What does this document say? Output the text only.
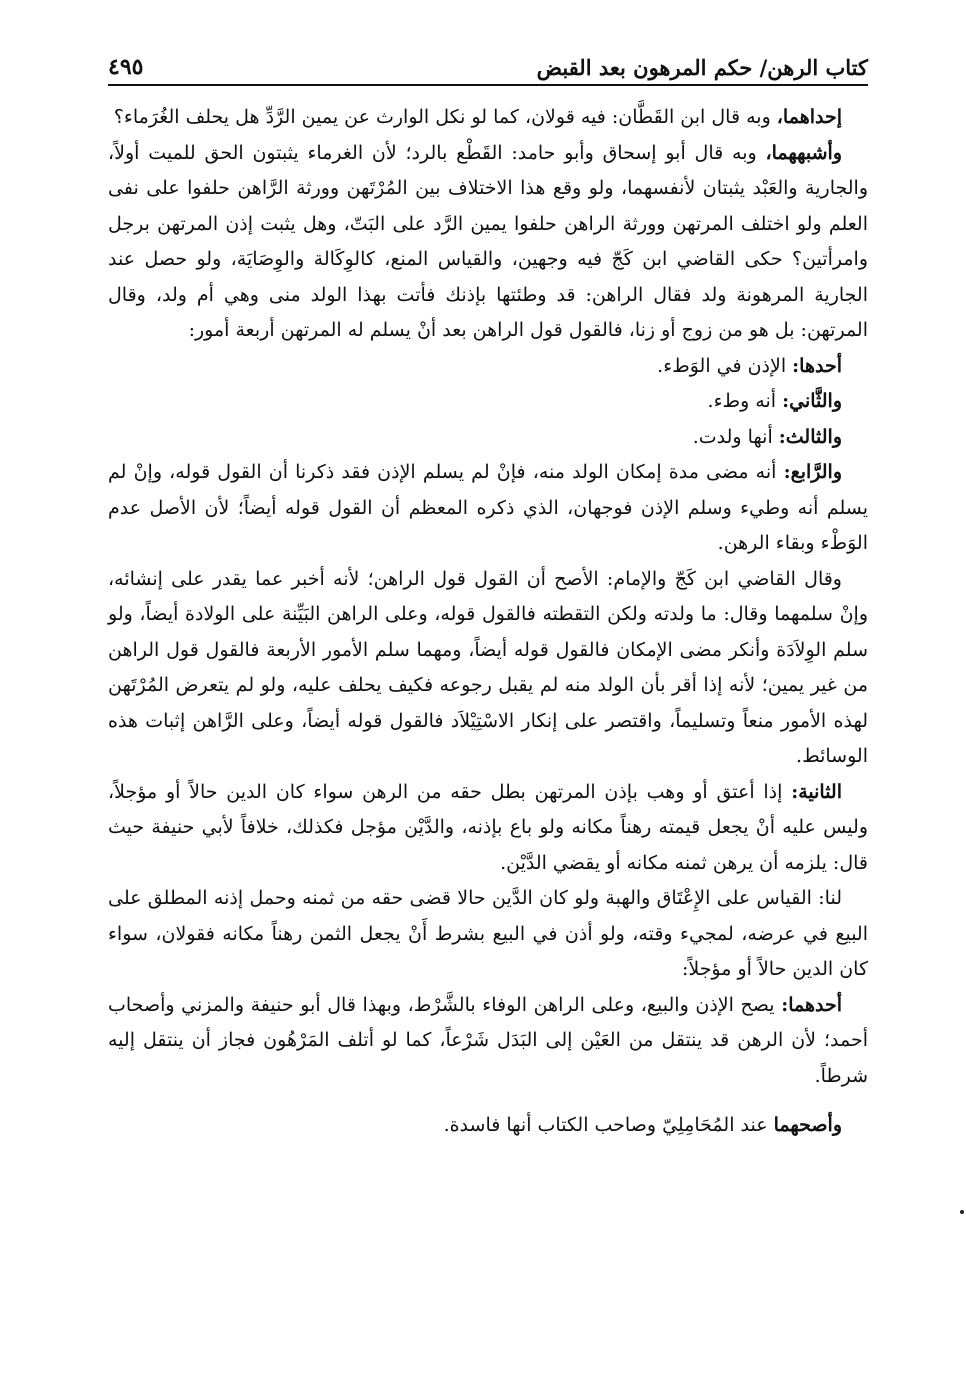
كتاب الرهن/ حكم المرهون بعد القبض
٤٩٥

إحداهما، وبه قال ابن القَطَّان: فيه قولان، كما لو نكل الوارث عن يمين الرَّدِّ هل يحلف الغُرَماء؟

وأشبههما، وبه قال أبو إسحاق وأبو حامد: القَطْع بالرد؛ لأن الغرماء يثبتون الحق للميت أولاً، والجارية والعَبْد يثبتان لأنفسهما، ولو وقع هذا الاختلاف بين المُرْتَهن وورثة الرَّاهن حلفوا على نفى العلم ولو اختلف المرتهن وورثة الراهن حلفوا يمين الرَّد على البَتّ، وهل يثبت إذن المرتهن برجل وامرأتين؟ حكى القاضي ابن كَجّ فيه وجهين، والقياس المنع، كالوِكَالة والوِصَايَة، ولو حصل عند الجارية المرهونة ولد فقال الراهن: قد وطئتها بإذنك فأتت بهذا الولد منى وهي أم ولد، وقال المرتهن: بل هو من زوج أو زنا، فالقول قول الراهن بعد أنْ يسلم له المرتهن أربعة أمور:

أحدها: الإذن في الوَطء.

والثَّاني: أنه وطء.

والثالث: أنها ولدت.

والرَّابع: أنه مضى مدة إمكان الولد منه، فإنْ لم يسلم الإذن فقد ذكرنا أن القول قوله، وإنْ لم يسلم أنه وطيء وسلم الإذن فوجهان، الذي ذكره المعظم أن القول قوله أيضاً؛ لأن الأصل عدم الوَطْء وبقاء الرهن.

وقال القاضي ابن كَجّ والإمام: الأصح أن القول قول الراهن؛ لأنه أخبر عما يقدر على إنشائه، وإنْ سلمهما وقال: ما ولدته ولكن التقطته فالقول قوله، وعلى الراهن البَيِّنة على الولادة أيضاً، ولو سلم الوِلاَدَة وأنكر مضى الإمكان فالقول قوله أيضاً، ومهما سلم الأمور الأربعة فالقول قول الراهن من غير يمين؛ لأنه إذا أقر بأن الولد منه لم يقبل رجوعه فكيف يحلف عليه، ولو لم يتعرض المُرْتَهن لهذه الأمور منعاً وتسليماً، واقتصر على إنكار الاسْتِيْلاَد فالقول قوله أيضاً، وعلى الرَّاهن إثبات هذه الوسائط.

الثانية: إذا أعتق أو وهب بإذن المرتهن بطل حقه من الرهن سواء كان الدين حالاً أو مؤجلاً، وليس عليه أنْ يجعل قيمته رهناً مكانه ولو باع بإذنه، والدَّيْن مؤجل فكذلك، خلافاً لأبي حنيفة حيث قال: يلزمه أن يرهن ثمنه مكانه أو يقضي الدَّيْن.

لنا: القياس على الإِعْتَاق والهبة ولو كان الدَّين حالا قضى حقه من ثمنه وحمل إذنه المطلق على البيع في عرضه، لمجيء وقته، ولو أذن في البيع بشرط أَنْ يجعل الثمن رهناً مكانه فقولان، سواء كان الدين حالاً أو مؤجلاً:

أحدهما: يصح الإذن والبيع، وعلى الراهن الوفاء بالشَّرْط، وبهذا قال أبو حنيفة والمزني وأصحاب أحمد؛ لأن الرهن قد ينتقل من العَيْن إلى البَدَل شَرْعاً، كما لو أتلف المَرْهُون فجاز أن ينتقل إليه شرطاً.

وأصحهما عند المُحَامِلِيّ وصاحب الكتاب أنها فاسدة.
